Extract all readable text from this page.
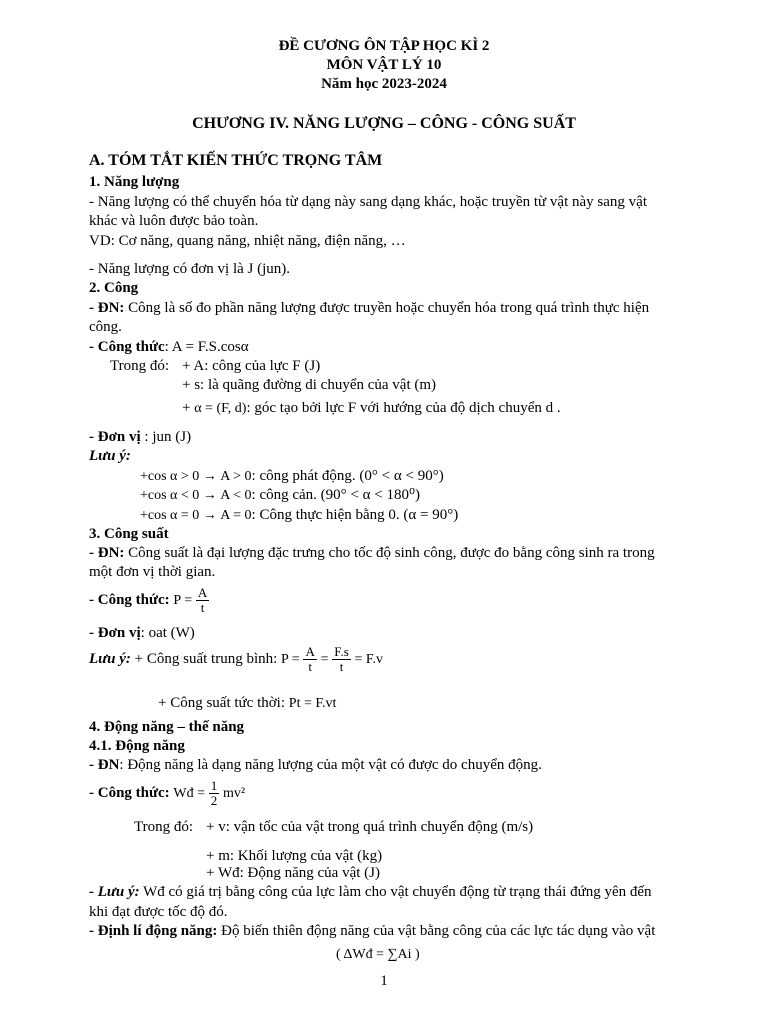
ĐỀ CƯƠNG ÔN TẬP HỌC KÌ 2
MÔN VẬT LÝ 10
Năm học 2023-2024
CHƯƠNG IV. NĂNG LƯỢNG – CÔNG - CÔNG SUẤT
A. TÓM TẮT KIẾN THỨC TRỌNG TÂM
1. Năng lượng
- Năng lượng có thể chuyển hóa từ dạng này sang dạng khác, hoặc truyền từ vật này sang vật
khác và luôn được bảo toàn.
VD: Cơ năng, quang năng, nhiệt năng, điện năng, …
- Năng lượng có đơn vị là J (jun).
2. Công
- ĐN: Công là số đo phần năng lượng được truyền hoặc chuyển hóa trong quá trình thực hiện
công.
- Công thức: A = F.S.cosα
Trong đó: + A: công của lực F (J)
+ s: là quãng đường di chuyển của vật (m)
+ α = (F, d): góc tạo bởi lực F với hướng của độ dịch chuyển d .
- Đơn vị : jun (J)
Lưu ý:
+cos α > 0 → A > 0: công phát động. (0° < α < 90°)
+cos α < 0 → A < 0: công cản. (90° < α < 180⁰)
+cos α = 0 → A = 0: Công thực hiện bằng 0. (α = 90°)
3. Công suất
- ĐN: Công suất là đại lượng đặc trưng cho tốc độ sinh công, được đo bằng công sinh ra trong
một đơn vị thời gian.
- Công thức: $P = \frac{A}{t}$
- Đơn vị: oat (W)
Lưu ý: + Công suất trung bình: $P = \frac{A}{t} = \frac{F.s}{t} = F.v$
+ Công suất tức thời: Pt = F.vt
4. Động năng – thế năng
4.1. Động năng
- ĐN: Động năng là dạng năng lượng của một vật có được do chuyển động.
- Công thức: Wđ = $\frac{1}{2} mv^2$
Trong đó: + v: vận tốc của vật trong quá trình chuyển động (m/s)
+ m: Khối lượng của vật (kg)
+ Wđ: Động năng của vật (J)
- Lưu ý: Wđ có giá trị bằng công của lực làm cho vật chuyển động từ trạng thái đứng yên đến
khi đạt được tốc độ đó.
- Định lí động năng: Độ biến thiên động năng của vật bằng công của các lực tác dụng vào vật
( ΔWđ = ∑Ai )
1
